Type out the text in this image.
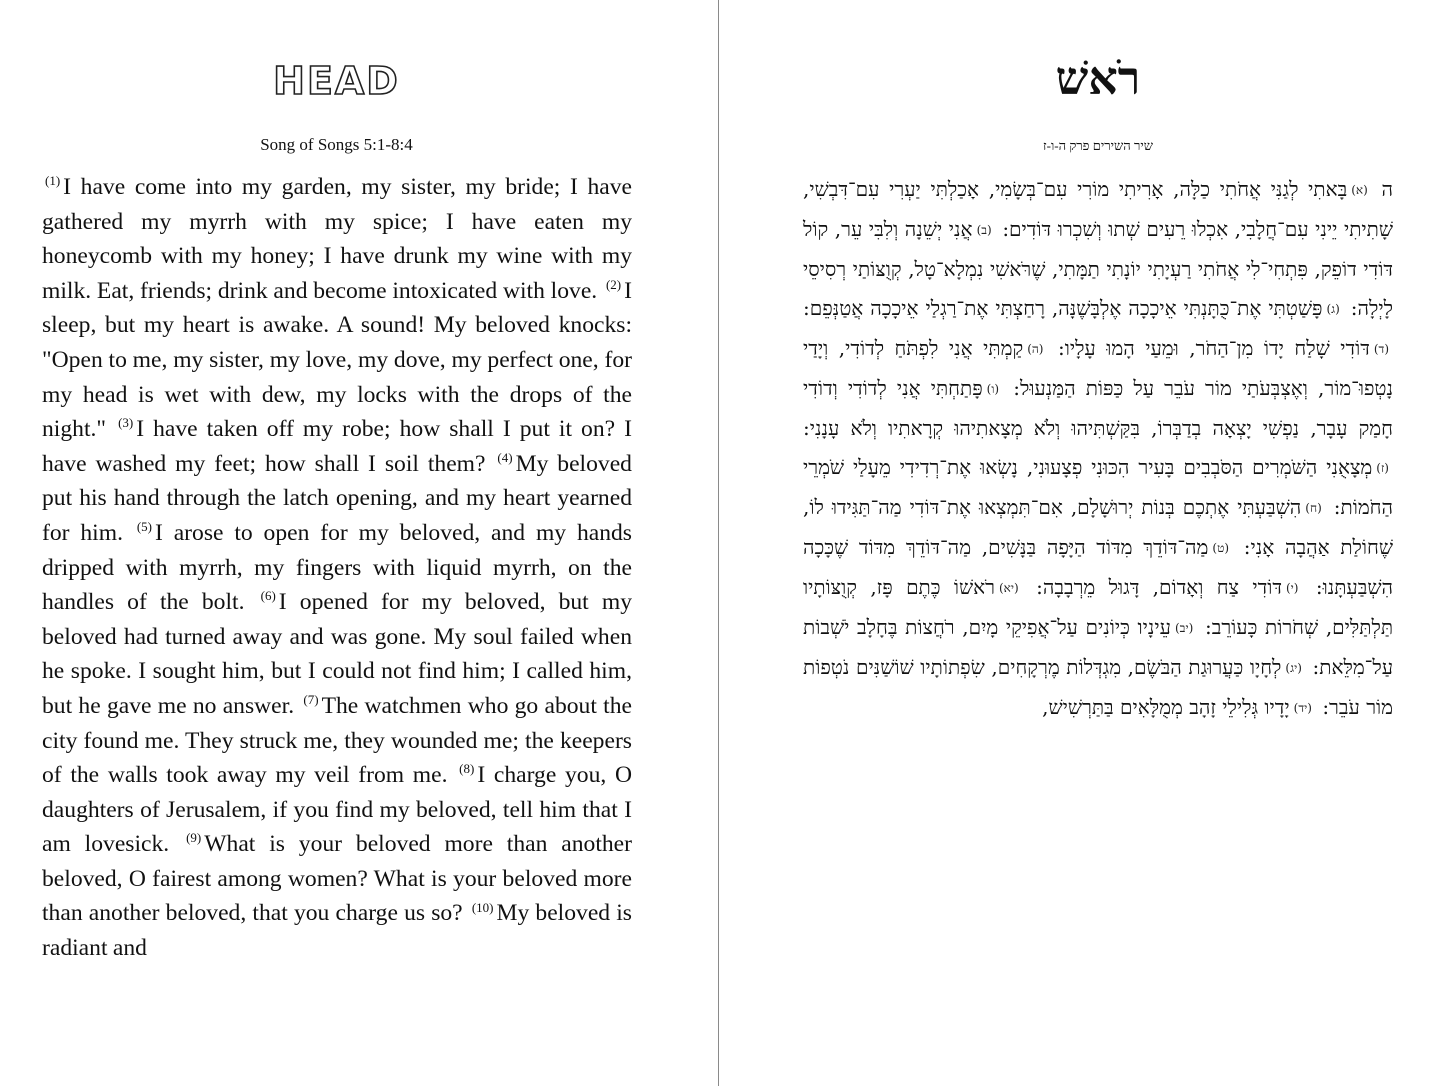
HEAD
Song of Songs 5:1-8:4
$^{(1)}$ I have come into my garden, my sister, my bride; I have gathered my myrrh with my spice; I have eaten my honeycomb with my honey; I have drunk my wine with my milk. Eat, friends; drink and become intoxicated with love. $^{(2)}$ I sleep, but my heart is awake. A sound! My beloved knocks: "Open to me, my sister, my love, my dove, my perfect one, for my head is wet with dew, my locks with the drops of the night." $^{(3)}$ I have taken off my robe; how shall I put it on? I have washed my feet; how shall I soil them? $^{(4)}$ My beloved put his hand through the latch opening, and my heart yearned for him. $^{(5)}$ I arose to open for my beloved, and my hands dripped with myrrh, my fingers with liquid myrrh, on the handles of the bolt. $^{(6)}$ I opened for my beloved, but my beloved had turned away and was gone. My soul failed when he spoke. I sought him, but I could not find him; I called him, but he gave me no answer. $^{(7)}$ The watchmen who go about the city found me. They struck me, they wounded me; the keepers of the walls took away my veil from me. $^{(8)}$ I charge you, O daughters of Jerusalem, if you find my beloved, tell him that I am lovesick. $^{(9)}$ What is your beloved more than another beloved, O fairest among women? What is your beloved more than another beloved, that you charge us so? $^{(10)}$ My beloved is radiant and
רֹאשׁ
שיר השירים פרק ה-ו-ז
ה (א)בָּאתִי לְגַנִּי אֲחֹתִי כַלָּה, אָרִיתִי מוֹרִי עִם־בְּשָׂמִי, אָכַלְתִּי יַעְרִי עִם־דִּבְשִׁי, שָׁתִיתִי יֵינִי עִם־חֲלָבִי, אִכְלוּ רֵעִים שְׁתוּ וְשִׁכְרוּ דּוֹדִים: (ב)אֲנִי יְשֵׁנָה וְלִבִּי עֵר, קוֹל דּוֹדִי דוֹפֵק, פִּתְחִי־לִי אֲחֹתִי רַעְיָתִי יוֹנָתִי תַמָּתִי, שֶׁרֹּאשִׁי נִמְלָא־טָל, קְוֻצּוֹתַי רְסִיסֵי לָיְלָה: (ג)פָּשַׁטְתִּי אֶת־כֻּתָּנְתִּי אֵיכָכָה אֶלְבָּשֶׁנָּה, רָחַצְתִּי אֶת־רַגְלַי אֵיכָכָה אֲטַנְּפֵם: (ד)דּוֹדִי שָׁלַח יָדוֹ מִן־הַחֹר, וּמֵעַי הָמוּ עָלָיו: (ה)קַמְתִּי אֲנִי לִפְתֹּחַ לְדוֹדִי, וְיָדַי נָטְפוּ־מוֹר, וְאֶצְבְּעֹתַי מוֹר עֹבֵר עַל כַּפּוֹת הַמַּנְעוּל: (ו)פָּתַחְתִּי אֲנִי לְדוֹדִי וְדוֹדִי חָמַק עָבָר, נַפְשִׁי יָצְאָה בְדַבְּרוֹ, בִּקַּשְׁתִּיהוּ וְלֹא מְצָאתִיהוּ קְרָאתִיו וְלֹא עָנָנִי: (ז)מְצָאֻנִי הַשֹּׁמְרִים הַסֹּבְבִים בָּעִיר הִכּוּנִי פְצָעוּנִי, נָשְׂאוּ אֶת־רְדִידִי מֵעָלַי שֹׁמְרֵי הַחֹמוֹת: (ח)הִשְׁבַּעְתִּי אֶתְכֶם בְּנוֹת יְרוּשָׁלָם, אִם־תִּמְצְאוּ אֶת־דּוֹדִי מַה־תַּגִּידוּ לוֹ, שֶׁחוֹלַת אַהֲבָה אָנִי: (ט)מַה־דּוֹדֵךְ מִדּוֹד הַיָּפָה בַּנָּשִׁים, מַה־דּוֹדֵךְ מִדּוֹד שֶׁכָּכָה הִשְׁבַּעְתָּנוּ: (י)דּוֹדִי צַח וְאָדוֹם, דָּגוּל מֵרְבָבָה: (יא)רֹאשׁוֹ כֶּתֶם פָּז, קְוֻצּוֹתָיו תַּלְתַּלִּים, שְׁחֹרוֹת כָּעוֹרֵב: (יב)עֵינָיו כְּיוֹנִים עַל־אֲפִיקֵי מָיִם, רֹחֲצוֹת בֶּחָלָב יֹשְׁבוֹת עַל־מִלֵּאת: (יג)לְחָיָו כַּעֲרוּגַת הַבֹּשֶׂם, מִגְדְּלוֹת מֶרְקָחִים, שִׂפְתוֹתָיו שׁוֹשַׁנִּים נֹטְפוֹת מוֹר עֹבֵר: (יד)יָדָיו גְּלִילֵי זָהָב מְמֻלָּאִים בַּתַּרְשִׁישׁ,
